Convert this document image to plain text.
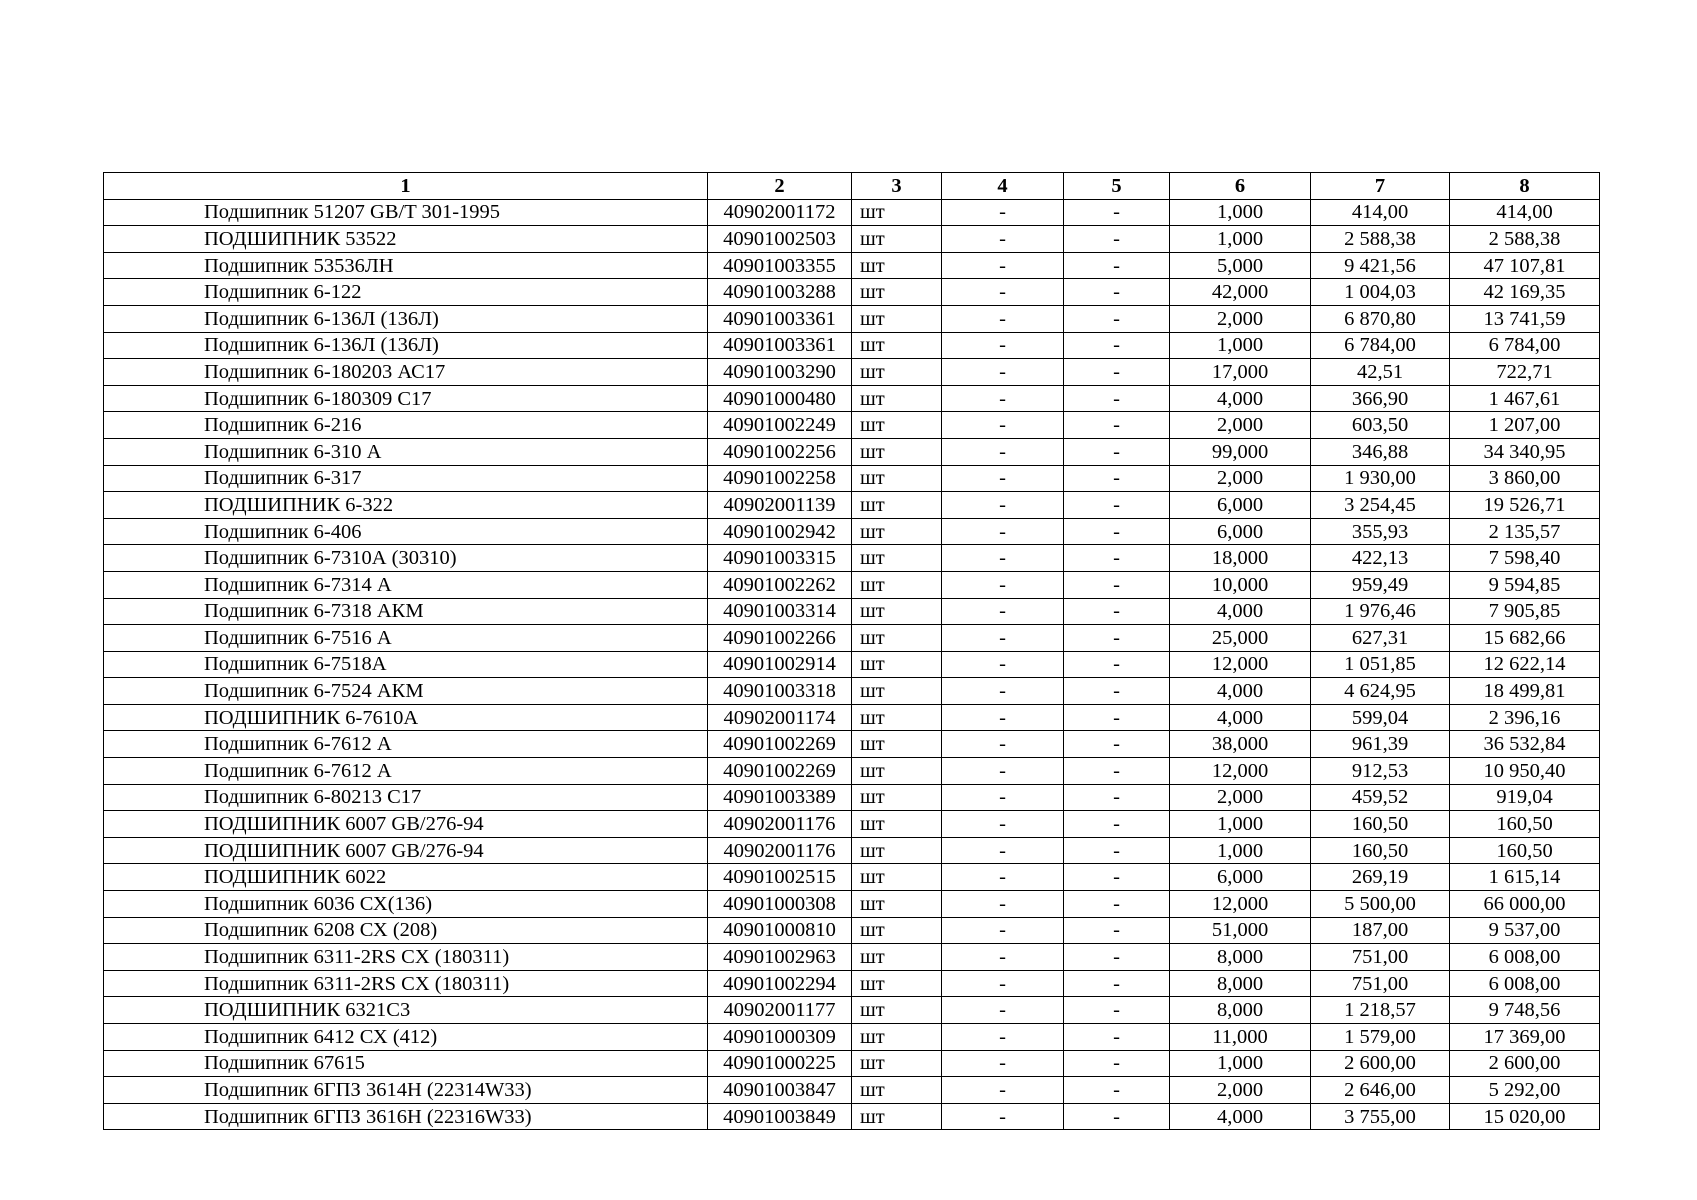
1	2	3	4	5	6	7	8
Подшипник 51207 GB/T 301-1995	40902001172	шт	-	-	1,000	414,00	414,00
ПОДШИПНИК 53522	40901002503	шт	-	-	1,000	2 588,38	2 588,38
Подшипник 53536ЛН	40901003355	шт	-	-	5,000	9 421,56	47 107,81
Подшипник 6-122	40901003288	шт	-	-	42,000	1 004,03	42 169,35
Подшипник 6-136Л (136Л)	40901003361	шт	-	-	2,000	6 870,80	13 741,59
Подшипник 6-136Л (136Л)	40901003361	шт	-	-	1,000	6 784,00	6 784,00
Подшипник 6-180203 АС17	40901003290	шт	-	-	17,000	42,51	722,71
Подшипник 6-180309 С17	40901000480	шт	-	-	4,000	366,90	1 467,61
Подшипник 6-216	40901002249	шт	-	-	2,000	603,50	1 207,00
Подшипник 6-310 А	40901002256	шт	-	-	99,000	346,88	34 340,95
Подшипник 6-317	40901002258	шт	-	-	2,000	1 930,00	3 860,00
ПОДШИПНИК 6-322	40902001139	шт	-	-	6,000	3 254,45	19 526,71
Подшипник 6-406	40901002942	шт	-	-	6,000	355,93	2 135,57
Подшипник 6-7310А (30310)	40901003315	шт	-	-	18,000	422,13	7 598,40
Подшипник 6-7314 А	40901002262	шт	-	-	10,000	959,49	9 594,85
Подшипник 6-7318 АКМ	40901003314	шт	-	-	4,000	1 976,46	7 905,85
Подшипник 6-7516 А	40901002266	шт	-	-	25,000	627,31	15 682,66
Подшипник 6-7518А	40901002914	шт	-	-	12,000	1 051,85	12 622,14
Подшипник 6-7524 АКМ	40901003318	шт	-	-	4,000	4 624,95	18 499,81
ПОДШИПНИК 6-7610А	40902001174	шт	-	-	4,000	599,04	2 396,16
Подшипник 6-7612 А	40901002269	шт	-	-	38,000	961,39	36 532,84
Подшипник 6-7612 А	40901002269	шт	-	-	12,000	912,53	10 950,40
Подшипник 6-80213 С17	40901003389	шт	-	-	2,000	459,52	919,04
ПОДШИПНИК 6007 GB/276-94	40902001176	шт	-	-	1,000	160,50	160,50
ПОДШИПНИК 6007 GB/276-94	40902001176	шт	-	-	1,000	160,50	160,50
ПОДШИПНИК 6022	40901002515	шт	-	-	6,000	269,19	1 615,14
Подшипник 6036 СХ(136)	40901000308	шт	-	-	12,000	5 500,00	66 000,00
Подшипник 6208 СХ (208)	40901000810	шт	-	-	51,000	187,00	9 537,00
Подшипник 6311-2RS CX (180311)	40901002963	шт	-	-	8,000	751,00	6 008,00
Подшипник 6311-2RS CX (180311)	40901002294	шт	-	-	8,000	751,00	6 008,00
ПОДШИПНИК 6321C3	40902001177	шт	-	-	8,000	1 218,57	9 748,56
Подшипник 6412 СХ (412)	40901000309	шт	-	-	11,000	1 579,00	17 369,00
Подшипник 67615	40901000225	шт	-	-	1,000	2 600,00	2 600,00
Подшипник 6ГПЗ 3614Н (22314W33)	40901003847	шт	-	-	2,000	2 646,00	5 292,00
Подшипник 6ГПЗ 3616Н (22316W33)	40901003849	шт	-	-	4,000	3 755,00	15 020,00
